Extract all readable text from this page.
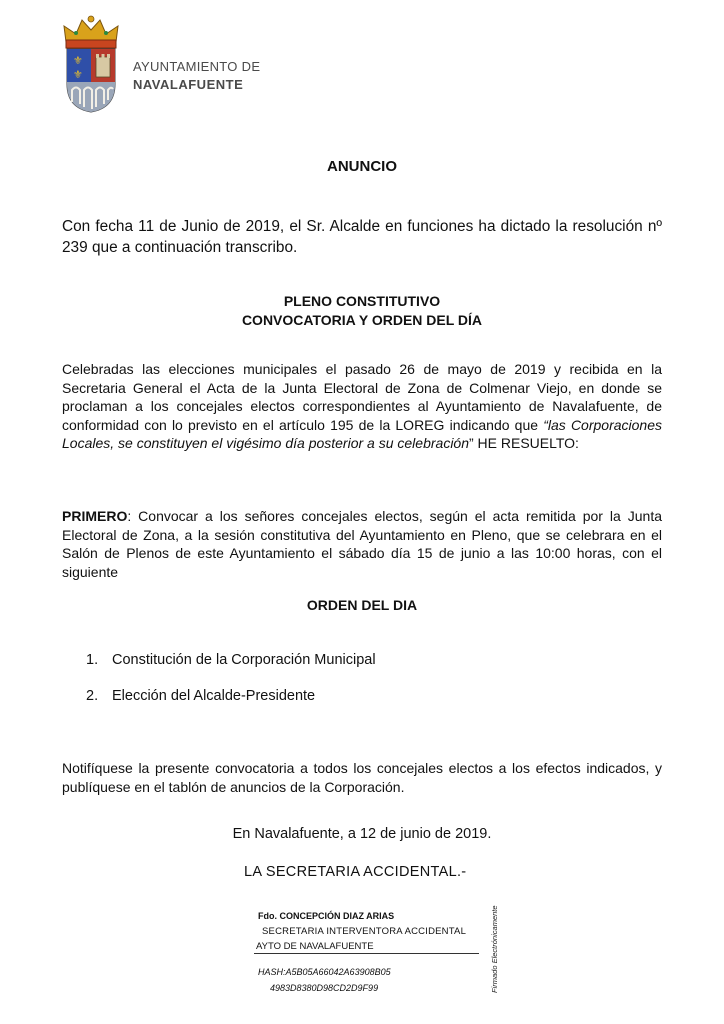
⚜
⚜
AYUNTAMIENTO DE
NAVALAFUENTE
ANUNCIO
Con fecha 11 de Junio de 2019, el Sr. Alcalde en funciones ha dictado la resolución nº 239 que a continuación transcribo.
PLENO CONSTITUTIVO
CONVOCATORIA Y ORDEN DEL DÍA
Celebradas las elecciones municipales el pasado 26 de mayo de 2019 y recibida en la Secretaria General el Acta de la Junta Electoral de Zona de Colmenar Viejo, en donde se proclaman a los concejales electos correspondientes al Ayuntamiento de Navalafuente, de conformidad con lo previsto en el artículo 195 de la LOREG indicando que “las Corporaciones Locales, se constituyen el vigésimo día posterior a su celebración” HE RESUELTO:
PRIMERO: Convocar a los señores concejales electos, según el acta remitida por la Junta Electoral de Zona, a la sesión constitutiva del Ayuntamiento en Pleno, que se celebrara en el Salón de Plenos de este Ayuntamiento el sábado día 15 de junio a las 10:00 horas, con el siguiente
ORDEN DEL DIA
1. Constitución de la Corporación Municipal
2. Elección del Alcalde-Presidente
Notifíquese la presente convocatoria a todos los concejales electos a los efectos indicados, y publíquese en el tablón de anuncios de la Corporación.
En Navalafuente, a 12 de junio de 2019.
LA SECRETARIA ACCIDENTAL.-
Fdo. CONCEPCIÓN DIAZ ARIAS
SECRETARIA INTERVENTORA ACCIDENTAL
AYTO DE NAVALAFUENTE
HASH:A5B05A66042A63908B05
4983D8380D98CD2D9F99	Firmado Electrónicamente
